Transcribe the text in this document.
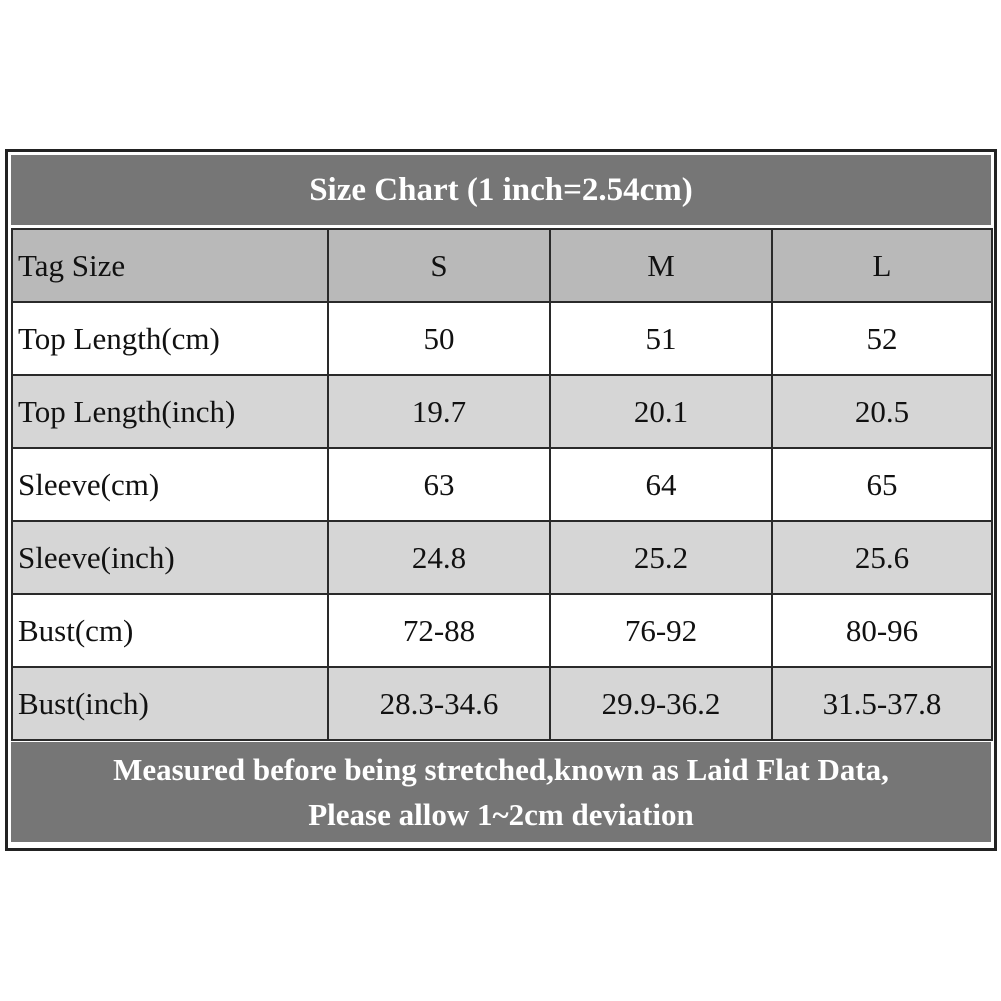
Size Chart (1 inch=2.54cm)
Tag Size	S	M	L
Top Length(cm)	50	51	52
Top Length(inch)	19.7	20.1	20.5
Sleeve(cm)	63	64	65
Sleeve(inch)	24.8	25.2	25.6
Bust(cm)	72-88	76-92	80-96
Bust(inch)	28.3-34.6	29.9-36.2	31.5-37.8
Measured before being stretched,known as Laid Flat Data,
Please allow 1~2cm deviation
